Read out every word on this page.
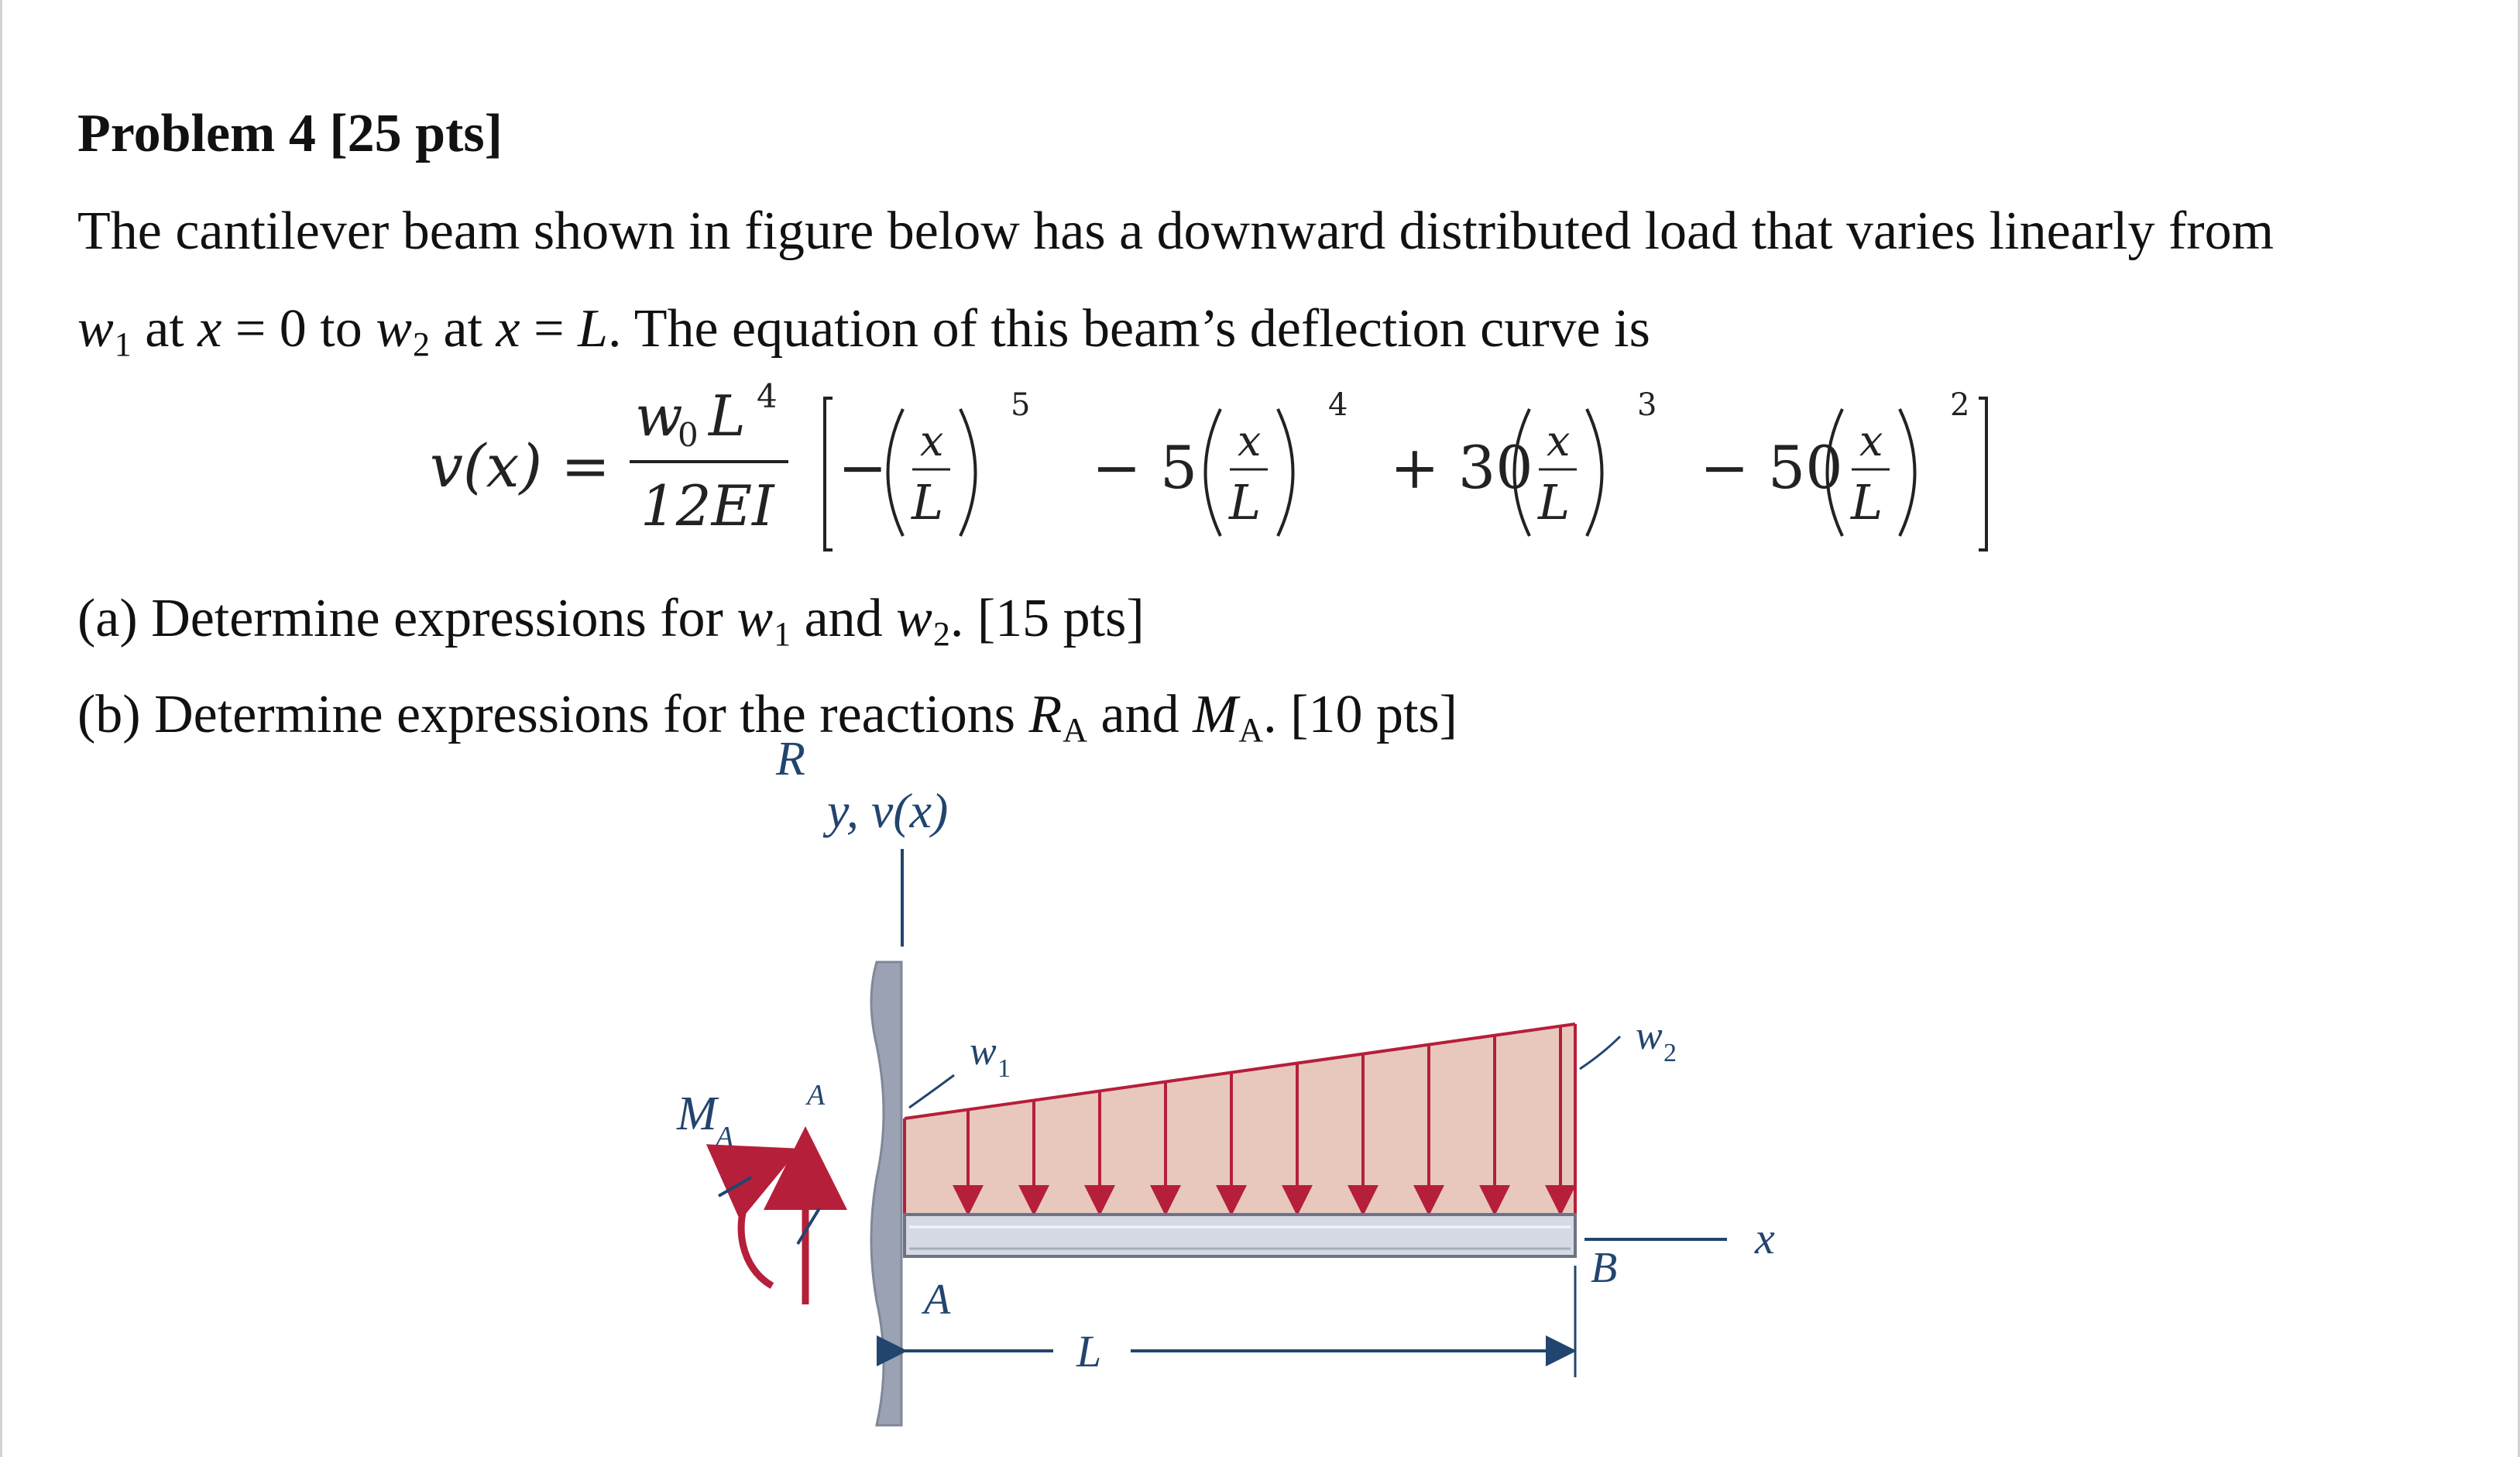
Problem 4 [25 pts]
The cantilever beam shown in figure below has a downward distributed load that varies linearly from
w1 at x = 0 to w2 at x = L. The equation of this beam’s deflection curve is
v(x) =
w
0 L 4
12EI
− x
L
5
− 5 x
L
4
+ 30 x
L
3
− 50 x
L
2
(a) Determine expressions for w1 and w2. [15 pts]
(b) Determine expressions for the reactions RA and MA. [10 pts]
y, v(x)
x
A
B
L
w 1
w 2
R
A
M
A
